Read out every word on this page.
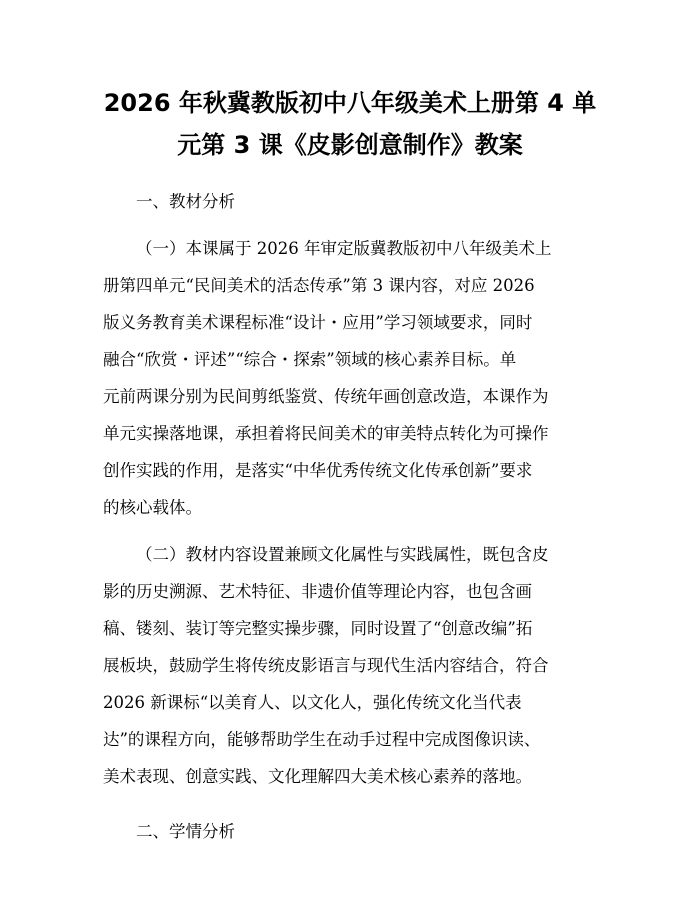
2026 年秋冀教版初中八年级美术上册第 4 单
元第 3 课《皮影创意制作》教案
一、教材分析
（一）本课属于 2026 年审定版冀教版初中八年级美术上
册第四单元“民间美术的活态传承”第 3 课内容，对应 2026
版义务教育美术课程标准“设计・应用”学习领域要求，同时
融合“欣赏・评述”“综合・探索”领域的核心素养目标。单
元前两课分别为民间剪纸鉴赏、传统年画创意改造，本课作为
单元实操落地课，承担着将民间美术的审美特点转化为可操作
创作实践的作用，是落实“中华优秀传统文化传承创新”要求
的核心载体。
（二）教材内容设置兼顾文化属性与实践属性，既包含皮
影的历史溯源、艺术特征、非遗价值等理论内容，也包含画
稿、镂刻、装订等完整实操步骤，同时设置了“创意改编”拓
展板块，鼓励学生将传统皮影语言与现代生活内容结合，符合
2026 新课标“以美育人、以文化人，强化传统文化当代表
达”的课程方向，能够帮助学生在动手过程中完成图像识读、
美术表现、创意实践、文化理解四大美术核心素养的落地。
二、学情分析
